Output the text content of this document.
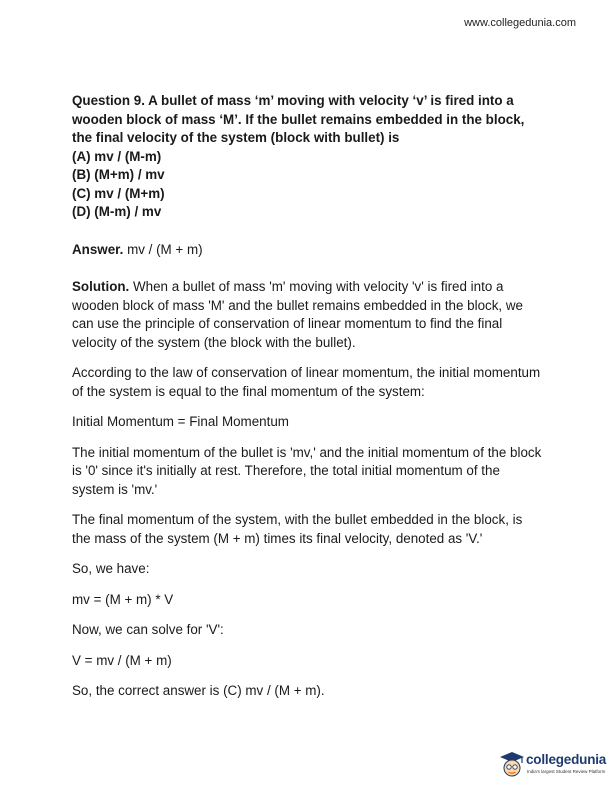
www.collegedunia.com

Question 9. A bullet of mass ‘m’ moving with velocity ‘v’ is fired into a wooden block of mass ‘M’. If the bullet remains embedded in the block, the final velocity of the system (block with bullet) is

(A) mv / (M-m)
(B) (M+m) / mv
(C) mv / (M+m)
(D) (M-m) / mv

Answer. mv / (M + m)

Solution. When a bullet of mass 'm' moving with velocity 'v' is fired into a wooden block of mass 'M' and the bullet remains embedded in the block, we can use the principle of conservation of linear momentum to find the final velocity of the system (the block with the bullet).

According to the law of conservation of linear momentum, the initial momentum of the system is equal to the final momentum of the system:

Initial Momentum = Final Momentum

The initial momentum of the bullet is 'mv,' and the initial momentum of the block is '0' since it's initially at rest. Therefore, the total initial momentum of the system is 'mv.'

The final momentum of the system, with the bullet embedded in the block, is the mass of the system (M + m) times its final velocity, denoted as 'V.'

So, we have:

mv = (M + m) * V

Now, we can solve for 'V':

V = mv / (M + m)

So, the correct answer is (C) mv / (M + m).

collegedunia
India's largest Student Review Platform
